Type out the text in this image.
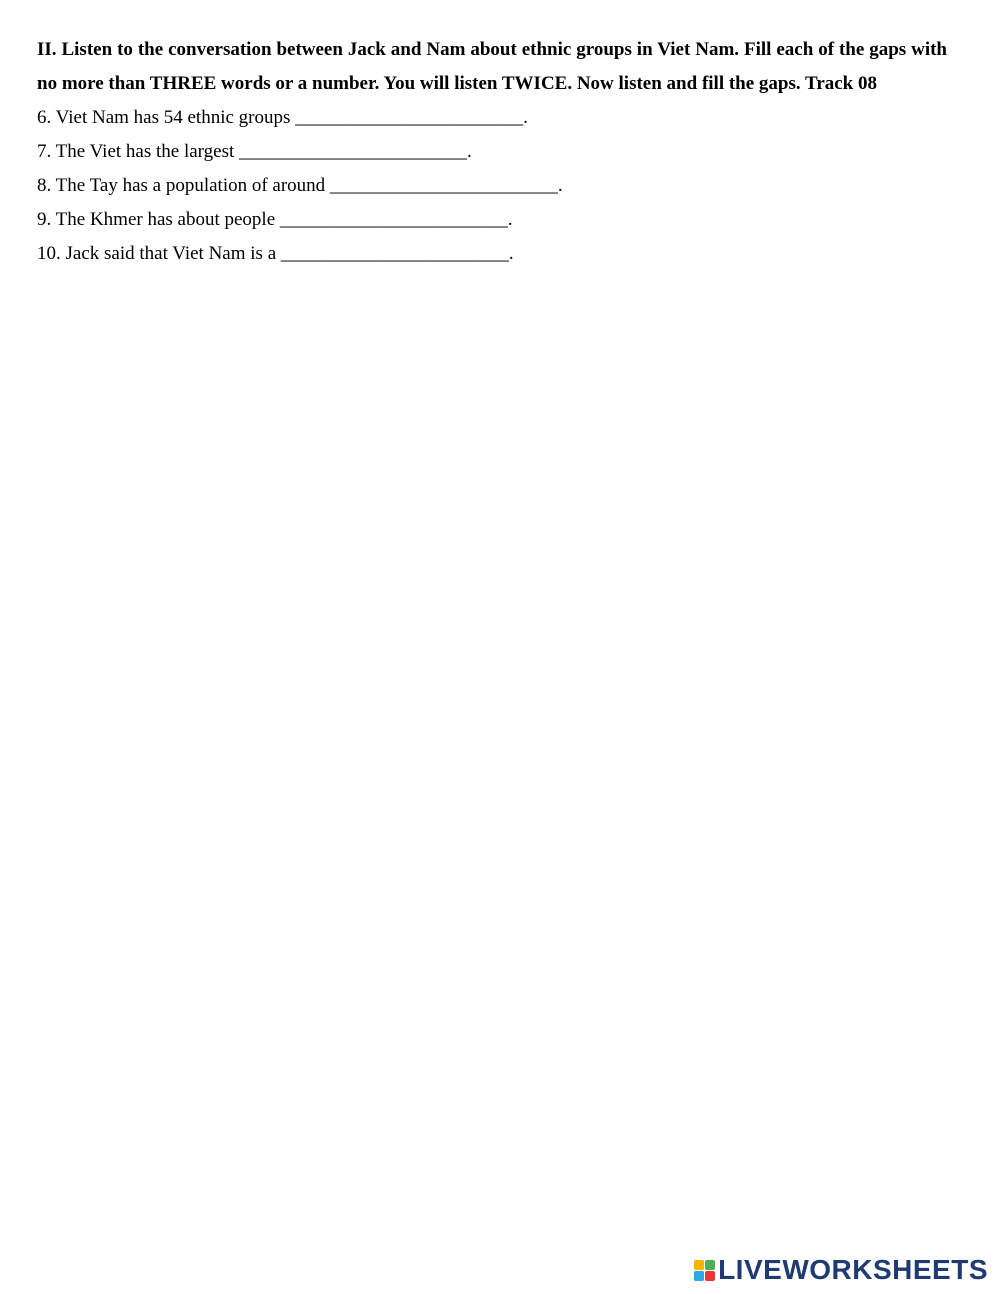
II. Listen to the conversation between Jack and Nam about ethnic groups in Viet Nam. Fill each of the gaps with no more than THREE words or a number. You will listen TWICE. Now listen and fill the gaps. Track 08

6. Viet Nam has 54 ethnic groups ________________________.
7. The Viet has the largest ________________________.
8. The Tay has a population of around ________________________.
9. The Khmer has about people ________________________.
10. Jack said that Viet Nam is a ________________________.
LIVEWORKSHEETS
